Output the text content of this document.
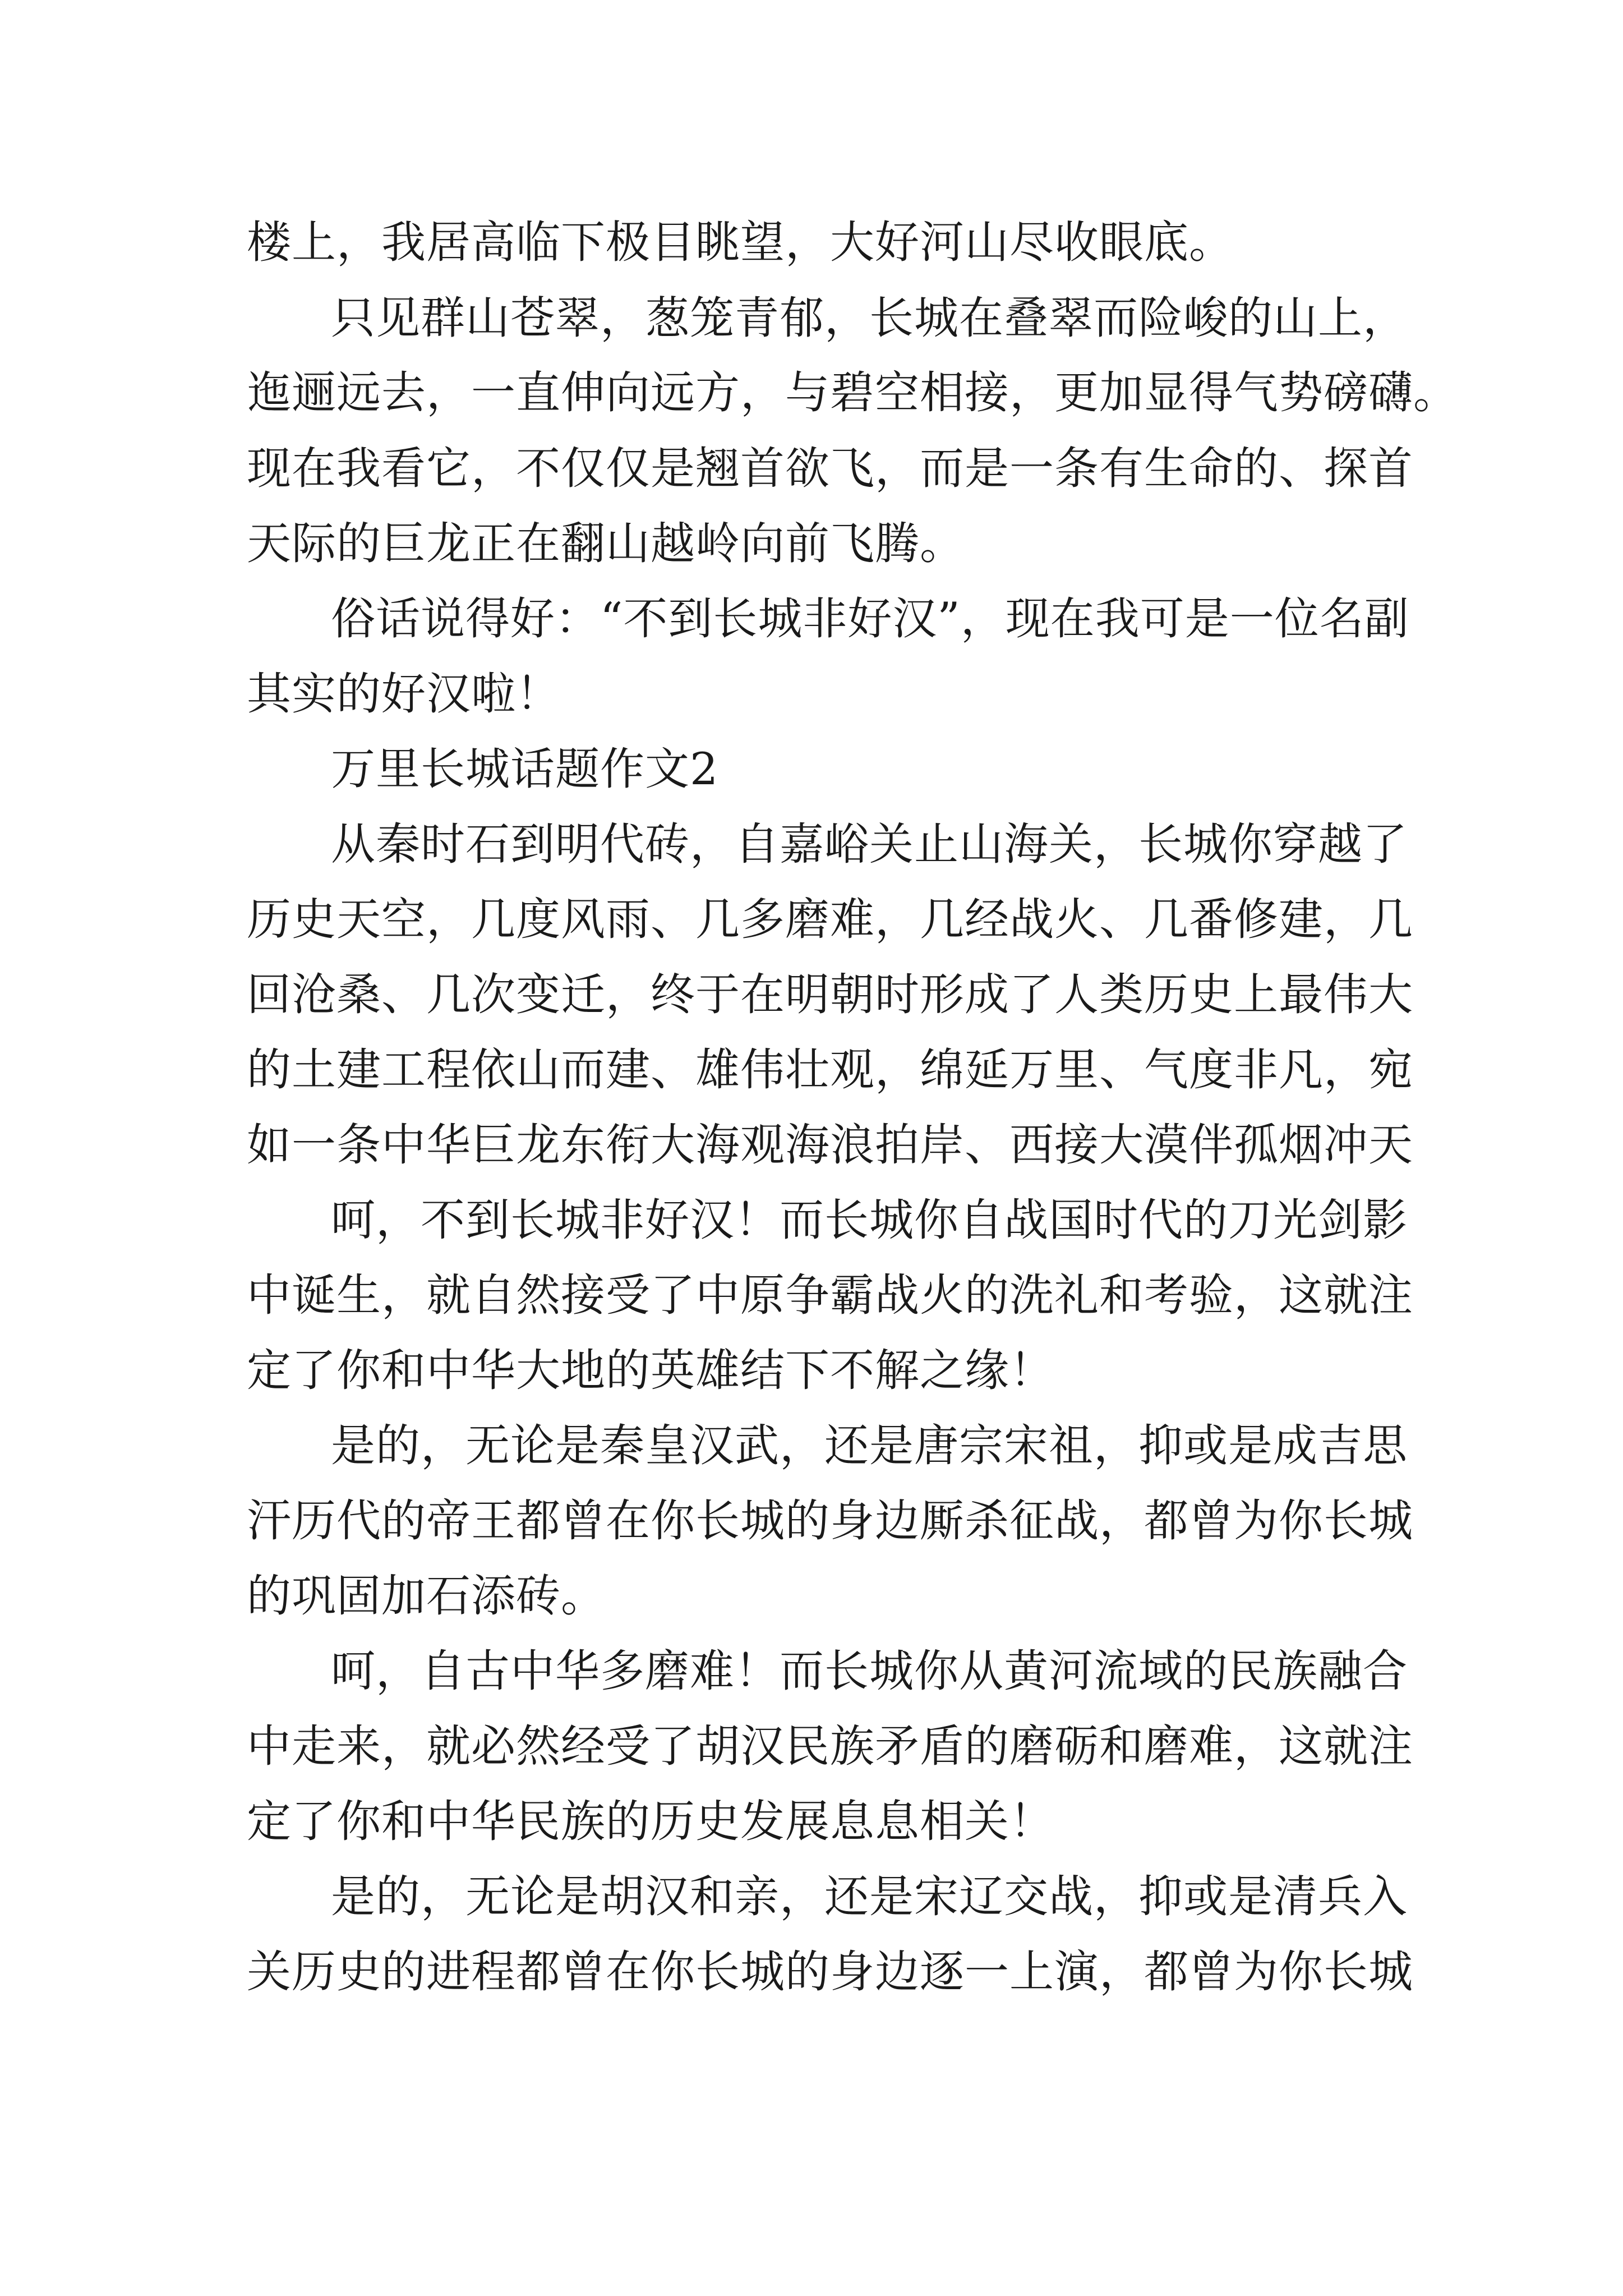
楼上，我居高临下极目眺望，大好河山尽收眼底。
只见群山苍翠，葱笼青郁，长城在叠翠而险峻的山上，
迤逦远去，一直伸向远方，与碧空相接，更加显得气势磅礴。
现在我看它，不仅仅是翘首欲飞，而是一条有生命的、探首
天际的巨龙正在翻山越岭向前飞腾。
俗话说得好：“不到长城非好汉”，现在我可是一位名副
其实的好汉啦！
万里长城话题作文2
从秦时石到明代砖，自嘉峪关止山海关，长城你穿越了
历史天空，几度风雨、几多磨难，几经战火、几番修建，几
回沧桑、几次变迁，终于在明朝时形成了人类历史上最伟大
的土建工程依山而建、雄伟壮观，绵延万里、气度非凡，宛
如一条中华巨龙东衔大海观海浪拍岸、西接大漠伴孤烟冲天
呵，不到长城非好汉！而长城你自战国时代的刀光剑影
中诞生，就自然接受了中原争霸战火的洗礼和考验，这就注
定了你和中华大地的英雄结下不解之缘！
是的，无论是秦皇汉武，还是唐宗宋祖，抑或是成吉思
汗历代的帝王都曾在你长城的身边厮杀征战，都曾为你长城
的巩固加石添砖。
呵，自古中华多磨难！而长城你从黄河流域的民族融合
中走来，就必然经受了胡汉民族矛盾的磨砺和磨难，这就注
定了你和中华民族的历史发展息息相关！
是的，无论是胡汉和亲，还是宋辽交战，抑或是清兵入
关历史的进程都曾在你长城的身边逐一上演，都曾为你长城
